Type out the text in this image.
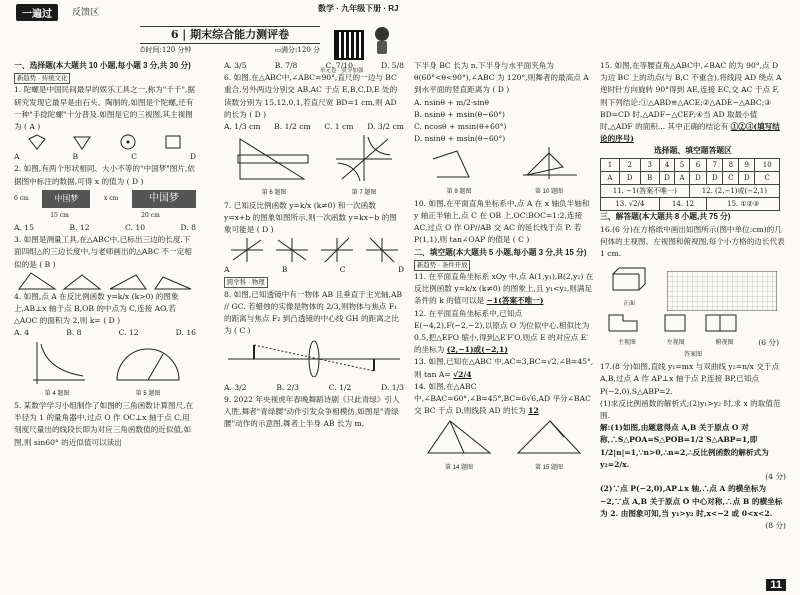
一遍过	反馈区	数学 · 九年级下册 · RJ
6 | 期末综合能力测评卷
⏱时间:120 分钟	▭满分:120 分
单元卷 · 获分加强

一、选择题(本大题共 10 小题,每小题 3 分,共 30 分)

新趋势 · 传统文化

1. 陀螺是中国民间最早的娱乐工具之一,称为"千千",据研究发现它最早是由石头、陶制的,如图是个陀螺,还有一种"手捻陀螺"十分普及.如图是它的三视图,其主视图为 ( A )

A	B	C	D

2. 如图,有两个形状相同、大小不等的"中国梦"图片,依据图中标注的数据,可得 x 的值为 ( D )

6 cm	中国梦	x cm	中国梦
15 cm	20 cm
A. 15	B. 12	C. 10	D. 8

3. 如图是测量工具,在△ABC中,已标出三边的长度.下面四组△的三边长度中,与老师画出的△ABC 不一定相似的是 ( B )

4. 如图,点 A 在反比例函数 y=k/x (k>0) 的图象上,AB⊥x 轴于点 B,OB 的中点为 C,连接 AO,若△AOC 的面积为 2,则 k= ( D )

A. 4	B. 8	C. 12	D. 16
第 4 题图	第 5 题图

5. 某数学学习小组制作了如图的三角函数计算图尺,在半径为 1 的量角器中,过点 O 作 OC⊥x 轴于点 C,用刻度尺量出的线段长即为对应三角函数值的近似值,如图,则 sin60° 的近似值可以读出

A. 3/5	B. 7/8	C. 7/10	D. 5/8

6. 如图,在△ABC中,∠ABC=90°,直尺的一边与 BC 重合,另外两边分别交 AB,AC 于点 E,B,C,D,E 处的读数分别为 15,12,0,1,若直尺宽 BD=1 cm,则 AD 的长为 ( D )

A. 1/3 cm B. 1/2 cm C. 1 cm D. 3/2 cm
第 6 题图	第 7 题图

7. 已知反比例函数 y=k/x (k≠0) 和一次函数 y=x+b 的图象如图所示,则一次函数 y=kx−b 的图象可能是 ( D )

A	B	C	D

跨学科 · 物理

8. 如图,已知透镜中有一物体 AB 且垂直于主光轴,AB // GC. 若蜡烛的实像是物体的 2/3,则物体与焦点 F₁ 的距离与焦点 F₂ 到凸透镜的中心线 GH 的距离之比为 ( C )

A. 3/2	B. 2/3	C. 1/2	D. 1/3

9. 2022 年央视虎年春晚舞蹈诗剧《只此青绿》引人入胜,舞者"青绿腰"动作引发众争相模仿,如图是"青绿腰"动作的示意图,舞者上半身 AB 长为 m,

下半身 BC 长为 n,下半身与水平面夹角为 θ(60°<θ<90°),∠ABC 为 120°,则舞者的最高点 A 到水平面的竖直距离为 ( D )

A. nsinθ + m/2·sinθ

B. nsinθ + msin(θ−60°)

C. ncosθ + msin(θ+60°)

D. nsinθ + msin(θ−60°)

第 9 题图	第 10 题图

10. 如图,在平面直角坐标系中,点 A 在 x 轴负半轴和 y 轴正半轴上,点 C 在 OB 上,OC:BOC=1:2,连接 AC,过点 O 作 OP//AB 交 AC 的延长线于点 P. 若 P(1,1),则 tan∠OAP 的值是 ( C )

二、填空题(本大题共 5 小题,每小题 3 分,共 15 分)

新趋势 · 条件开放

11. 在平面直角坐标系 xOy 中,点 A(1,y₁),B(2,y₂) 在反比例函数 y=k/x (k≠0) 的图象上,且 y₁<y₂,则满足条件的 k 的值可以是 −1(答案不唯一)

12. 在平面直角坐标系中,已知点 E(−4,2),F(−2,−2),以原点 O 为位似中心,相似比为 0.5,把△EFO 缩小,得到△E′F′O,则点 E 的对应点 E′ 的坐标为 (2,−1)或(−2,1)

13. 如图,已知在△ABC 中,AC=3,BC=√2,∠B=45°,则 tan A= √2/4

14. 如图,在△ABC中,∠BAC=60°,∠B=45°,BC=6√6,AD 平分∠BAC 交 BC 于点 D,则线段 AD 的长为 12

第 14 题图	第 15 题图

15. 如图,在等腰直角△ABC中,∠BAC 的为 90°,点 D 为边 BC 上的动点(与 B,C 不重合),将线段 AD 绕点 A 逆时针方向旋转 90°得到 AE,连接 EC,交 AC 于点 F,则下列结论:①△ABD≌△ACE;②△ADE∽△ABC;③ BD=CD 时,△ADF∽△CEF;④当 AD 取最小值时,△ADF 的面积... 其中正确的结论有 ①②③(填写结论的序号)

选择题、填空题答题区

1	2	3	4	5	6	7	8	9	10
A	D	B	D	A	D	D	C	D	C
11. −1(答案不唯一)					12. (2,−1)或(−2,1)				
13. √2/4			14. 12			15. ①②③			

三、解答题(本大题共 8 小题,共 75 分)

16.(6 分)在方格纸中画出如图所示(图中单位:cm)的几何体的主视图、左视图和俯视图,每个小方格的边长代表 1 cm.

正面
主视图	左视图	俯视图	(6 分)
答案图

17.(8 分)如图,直线 y₁=mx 与双曲线 y₂=n/x 交于点 A,B,过点 A 作 AP⊥x 轴于点 P,连接 BP,已知点 P(−2,0),S△ABP=2.

(1)求反比例函数的解析式;(2)y₁>y₂ 时,求 x 的取值范围.

解:(1)如图,由题意得点 A,B 关于原点 O 对称,∴S△POA=S△POB=1/2 S△ABP=1,即 1/2|n|=1,∵n>0,∴n=2,∴反比例函数的解析式为 y₂=2/x.

(4 分)

(2)∵点 P(−2,0),AP⊥x 轴,∴点 A 的横坐标为 −2,∵点 A,B 关于原点 O 中心对称,∴点 B 的横坐标为 2. 由图象可知,当 y₁>y₂ 时,x<−2 或 0<x<2.

(8 分)

11
